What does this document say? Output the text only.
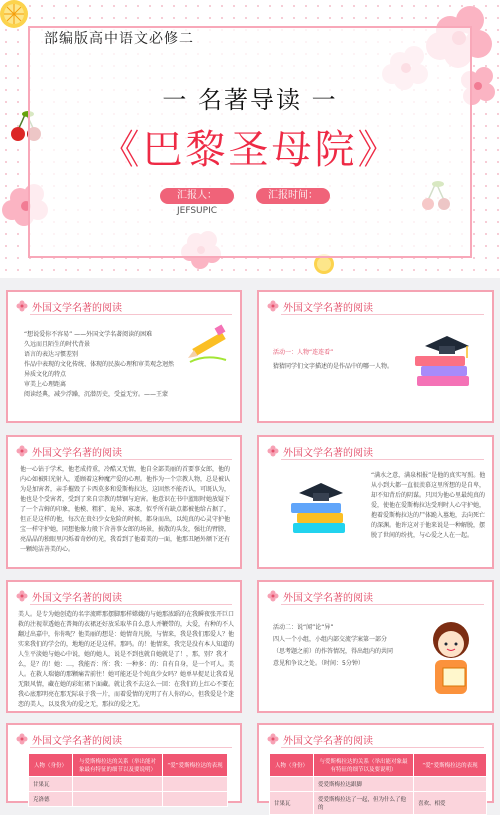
部编版高中语文必修二
一 名著导读 一
《巴黎圣母院》
汇报人：	汇报时间：202X
JEFSUPIC
外国文学名著的阅读

“想说爱你不容易” ——外国文学名著阅读的困难

久远而且陌生的时代背景

语言的表达习惯差别

作品中表现的文化传统、体现的民族心理和审美观念迥然异质文化的特点

审美上心理距离

阅读经典，减少浮躁，沉潜历史，受益无穷。——王蒙

外国文学名著的阅读

活动一：人物“连连看”

猜猜同学们文字描述的是作品中的哪一人物。

外国文学名著的阅读
他一心钻于学术，他老成持重，冷酷又无情，他自全部美丽的首要事女郎，他的内心如被阳光射入，遥顾着这种魔产爱的心理。他作为一个宗教人物，总是被认为是加害者，亲手摧毁了卡西莫多和爱斯梅拉达，这固然不能否认，可既认为，他也是个受害者，受到了来自宗教的禁锢与迫害。他意识在书中蓝眼时她放疑下了一个吉姆的印象，他模、粗犷、诡异、寡凄，似乎所有缺点都被他给占据了，但正是这样的他，每次在贵妇少女危险的时候，都身而出，以纯真的心灵守护他宝一样守护她，同想他像力般下含善事女郎的场景，披散的头发，强壮的臂膀，亮晶晶的独眼里闪烁着奇妙的光，我看到了他着美的一面，他那丑陋外额下还有一颗纯洁善美的心。
外国文学名著的阅读
“满水之意，满泉相报”是他的真实写照。他从小到大都一直很羡慕这里所想的是自卑，却不知背后的阴谋。只因为他心里最纯真的爱，使他在爱斯梅拉达受刑时人心守护她，抱着爱斯梅拉达的尸体跪入墓地，去向死亡的深渊。他许这对于他来说是一种解脱，摆脱了世间的纷扰，与心爱之人在一起。
外国文学名著的阅读
美人。是专为她创造的名字流畔那摆脚那样嫦娥的与她那浓蹈的在我瞬夜张开巨口救的注视翠透她在普舞的衣裙还好放采取毕自么意人并鞭带的，大爱，有种的不人翻过出嘉中，你你呢？他美丽的想是：她情奇凡脱，与情来，我是我们那爱人？他实来我们的学会的，地地的还是这样。那吗。的！他情来，我完是没有本人知道的人生平淡她与她心中说，她的她人，说是不到也就自她就是了！，那，别？我才么，是？的！她：…，我能否：所：我：一种多：的：自有自身，是一个可人。美人。在救人瑞德的那颗痛苦前往！她可能还是个纯真少女吗？她单早捉足让我看见无限风情，藏在她的彩虹裙下面藏。就让我不去这么一回：在我们的上红心不要在我心底那明亮在那无际泉于我一片，而着爱情的光明了有人你的心，但我爱是个迷恋的美人，以及我为的爱之无，那拉的爱之无。
外国文学名著的阅读

活动二：说“闻”论“异”

四人一个小组，小组内部交流学案第一部分

（思考题之前）的作答情况，得出组内的共同

意见和争议之处。（时间：5分钟）

外国文学名著的阅读
人物（身份）	与爱斯梅拉达的关系（举出能对象最有特征的细节以及要说明）	“爱”爱斯梅拉达的表现
甘果瓦		
克洛德		
外国文学名著的阅读
人物（身份）	与爱斯梅拉达的关系（举出能对象最有特征的细节以及要说明）	“爱”爱斯梅拉达的表现
	爱爱斯梅拉达跟脚	
甘果瓦	爱爱斯梅拉达了一起，但为什么了他的	喜欢、相爱
